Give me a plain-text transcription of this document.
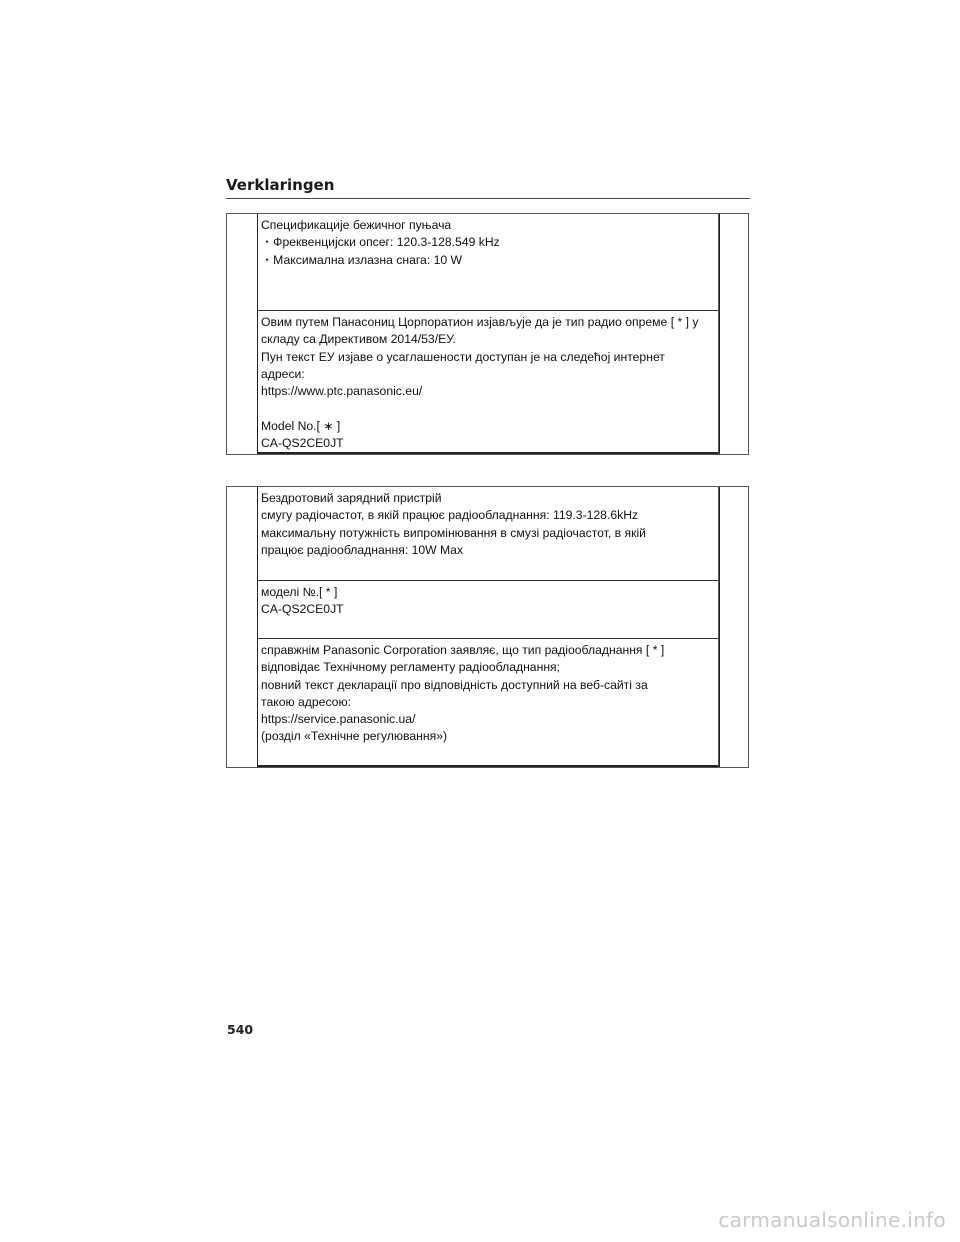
Verklaringen
Спецификације бежичног пуњача
・Фреквенцијски опсег: 120.3-128.549 kHz
・Максимална излазна снага: 10 W
Овим путем Панасониц Цорпоратион изјављује да је тип радио опреме [ * ] у
складу са Директивом 2014/53/ЕУ.
Пун текст ЕУ изјаве о усаглашености доступан је на следећој интернет
адреси:
https://www.ptc.panasonic.eu/
Model No.[ ∗ ]
CA-QS2CE0JT
Бездротовий зарядний пристрій
смугу радіочастот, в якій працює радіообладнання: 119.3-128.6kHz
максимальну потужність випромінювання в смузі радіочастот, в якій
працює радіообладнання: 10W Max
моделі №.[ * ]
CA-QS2CE0JT
справжнім Panasonic Corporation заявляє, що тип радіообладнання [ * ]
відповідає Технічному регламенту радіообладнання;
повний текст декларації про відповідність доступний на веб-сайті за
такою адресою:
https://service.panasonic.ua/
(розділ «Технічне регулювання»)
540
carmanualsonline.info
